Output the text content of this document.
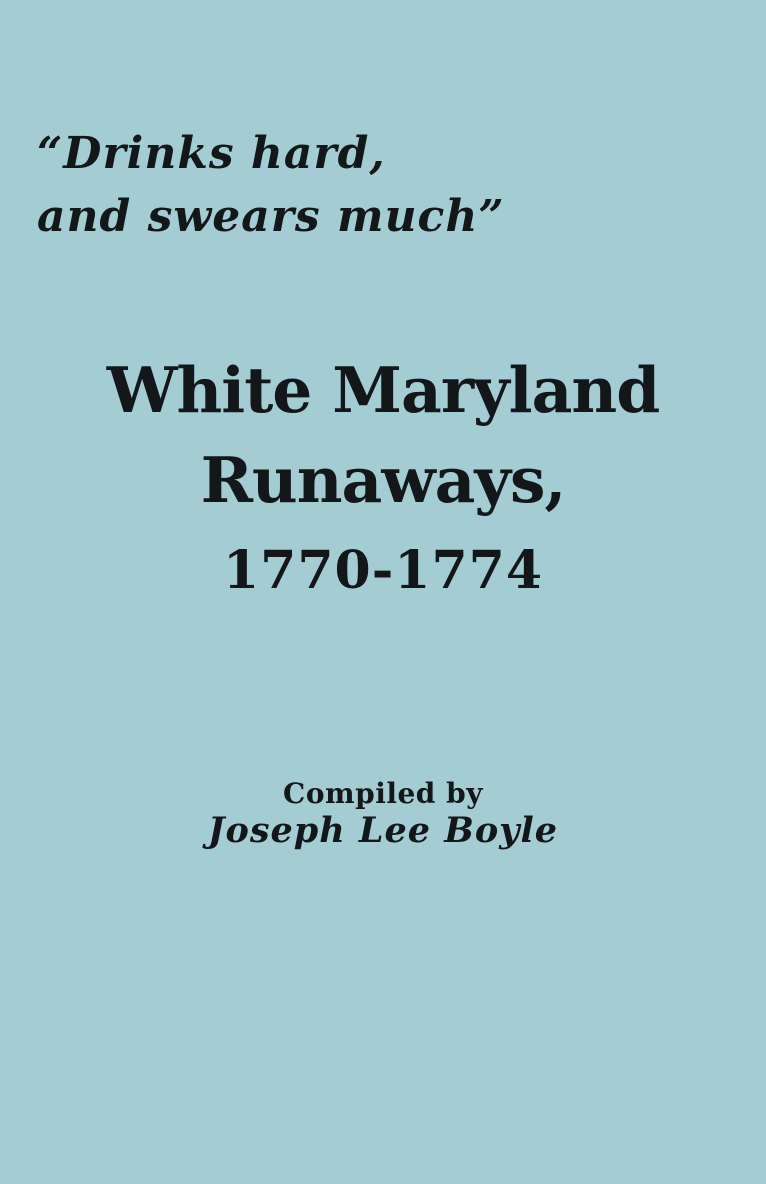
“Drinks hard,
and swears much”
White Maryland
Runaways,
1770-1774
Compiled by
Joseph Lee Boyle
